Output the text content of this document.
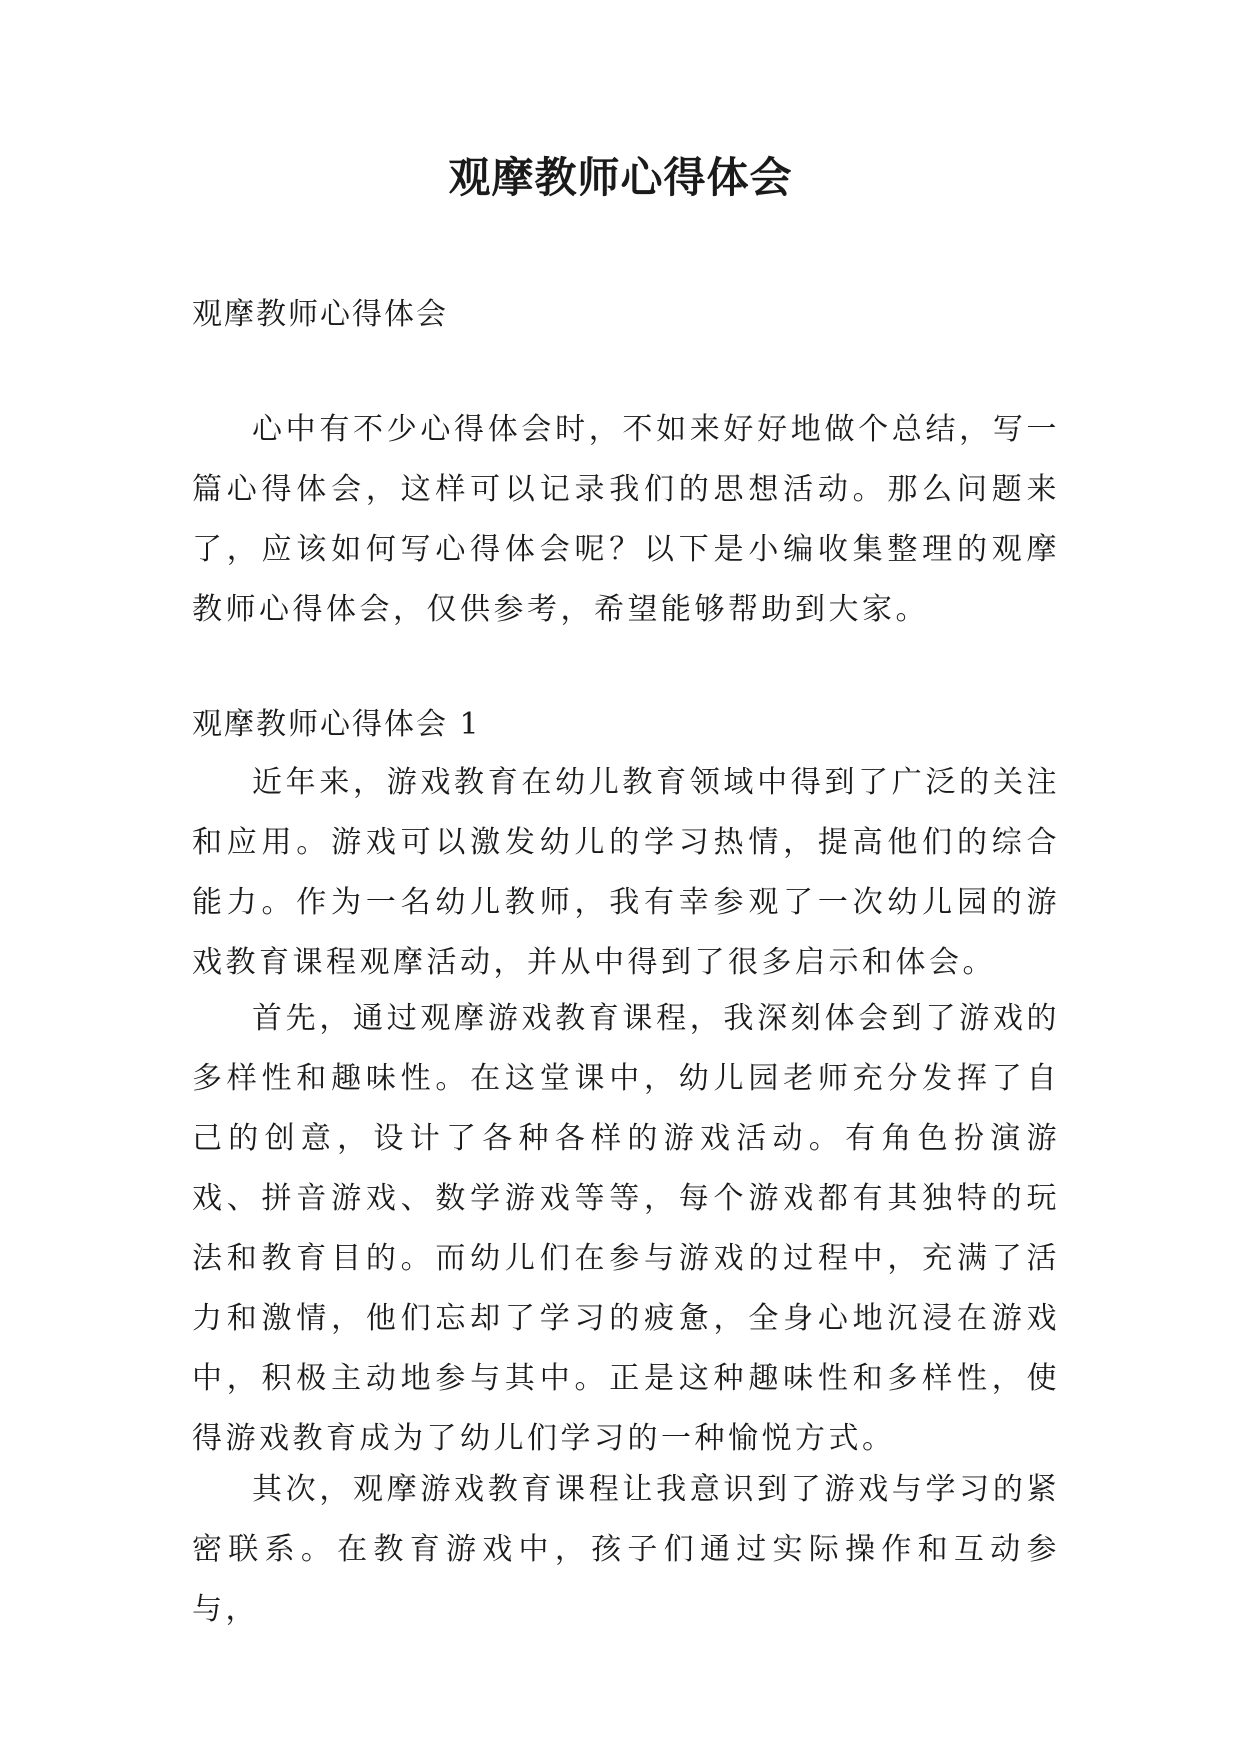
观摩教师心得体会

观摩教师心得体会

心中有不少心得体会时，不如来好好地做个总结，写一篇心得体会，这样可以记录我们的思想活动。那么问题来了，应该如何写心得体会呢？以下是小编收集整理的观摩教师心得体会，仅供参考，希望能够帮助到大家。

观摩教师心得体会 1

近年来，游戏教育在幼儿教育领域中得到了广泛的关注和应用。游戏可以激发幼儿的学习热情，提高他们的综合能力。作为一名幼儿教师，我有幸参观了一次幼儿园的游戏教育课程观摩活动，并从中得到了很多启示和体会。

首先，通过观摩游戏教育课程，我深刻体会到了游戏的多样性和趣味性。在这堂课中，幼儿园老师充分发挥了自己的创意，设计了各种各样的游戏活动。有角色扮演游戏、拼音游戏、数学游戏等等，每个游戏都有其独特的玩法和教育目的。而幼儿们在参与游戏的过程中，充满了活力和激情，他们忘却了学习的疲惫，全身心地沉浸在游戏中，积极主动地参与其中。正是这种趣味性和多样性，使得游戏教育成为了幼儿们学习的一种愉悦方式。

其次，观摩游戏教育课程让我意识到了游戏与学习的紧密联系。在教育游戏中，孩子们通过实际操作和互动参与，
